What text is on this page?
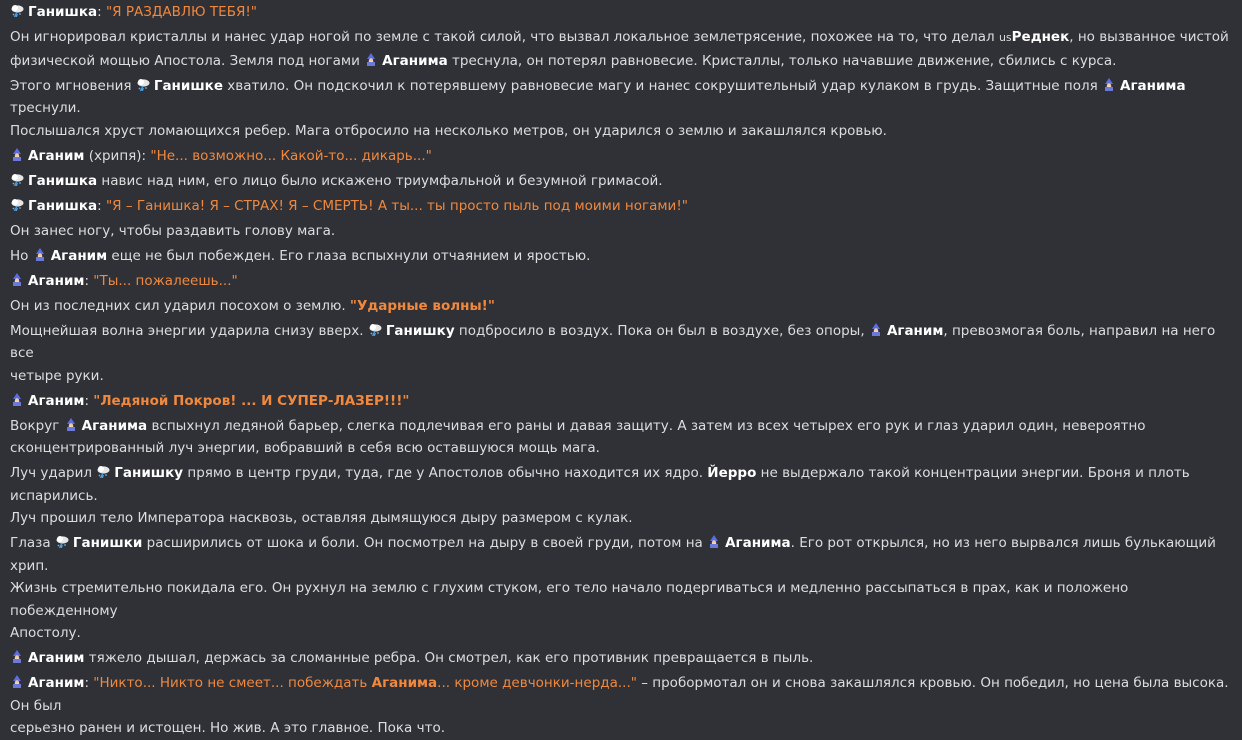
Ганишка: "Я РАЗДАВЛЮ ТЕБЯ!"

Он игнорировал кристаллы и нанес удар ногой по земле с такой силой, что вызвал локальное землетрясение, похожее на то, что делал usРеднек, но вызванное чистой
физической мощью Апостола. Земля под ногами
Аганима треснула, он потерял равновесие. Кристаллы, только начавшие движение, сбились с курса.

Этого мгновения
Ганишке хватило. Он подскочил к потерявшему равновесие магу и нанес сокрушительный удар кулаком в грудь. Защитные поля
Аганима треснули.
Послышался хруст ломающихся ребер. Мага отбросило на несколько метров, он ударился о землю и закашлялся кровью.

Аганим (хрипя): "Не... возможно... Какой-то... дикарь..."

Ганишка навис над ним, его лицо было искажено триумфальной и безумной гримасой.

Ганишка: "Я – Ганишка! Я – СТРАХ! Я – СМЕРТЬ! А ты... ты просто пыль под моими ногами!"

Он занес ногу, чтобы раздавить голову мага.

Но
Аганим еще не был побежден. Его глаза вспыхнули отчаянием и яростью.

Аганим: "Ты... пожалеешь..."

Он из последних сил ударил посохом о землю. "Ударные волны!"

Мощнейшая волна энергии ударила снизу вверх.
Ганишку подбросило в воздух. Пока он был в воздухе, без опоры,
Аганим, превозмогая боль, направил на него все
четыре руки.

Аганим: "Ледяной Покров! ... И СУПЕР-ЛАЗЕР!!!"

Вокруг
Аганима вспыхнул ледяной барьер, слегка подлечивая его раны и давая защиту. А затем из всех четырех его рук и глаз ударил один, невероятно
сконцентрированный луч энергии, вобравший в себя всю оставшуюся мощь мага.

Луч ударил
Ганишку прямо в центр груди, туда, где у Апостолов обычно находится их ядро. Йерро не выдержало такой концентрации энергии. Броня и плоть испарились.
Луч прошил тело Императора насквозь, оставляя дымящуюся дыру размером с кулак.

Глаза
Ганишки расширились от шока и боли. Он посмотрел на дыру в своей груди, потом на
Аганима. Его рот открылся, но из него вырвался лишь булькающий хрип.
Жизнь стремительно покидала его. Он рухнул на землю с глухим стуком, его тело начало подергиваться и медленно рассыпаться в прах, как и положено побежденному
Апостолу.

Аганим тяжело дышал, держась за сломанные ребра. Он смотрел, как его противник превращается в пыль.

Аганим: "Никто... Никто не смеет... побеждать Аганима... кроме девчонки-нерда..." – пробормотал он и снова закашлялся кровью. Он победил, но цена была высока. Он был
серьезно ранен и истощен. Но жив. А это главное. Пока что.
